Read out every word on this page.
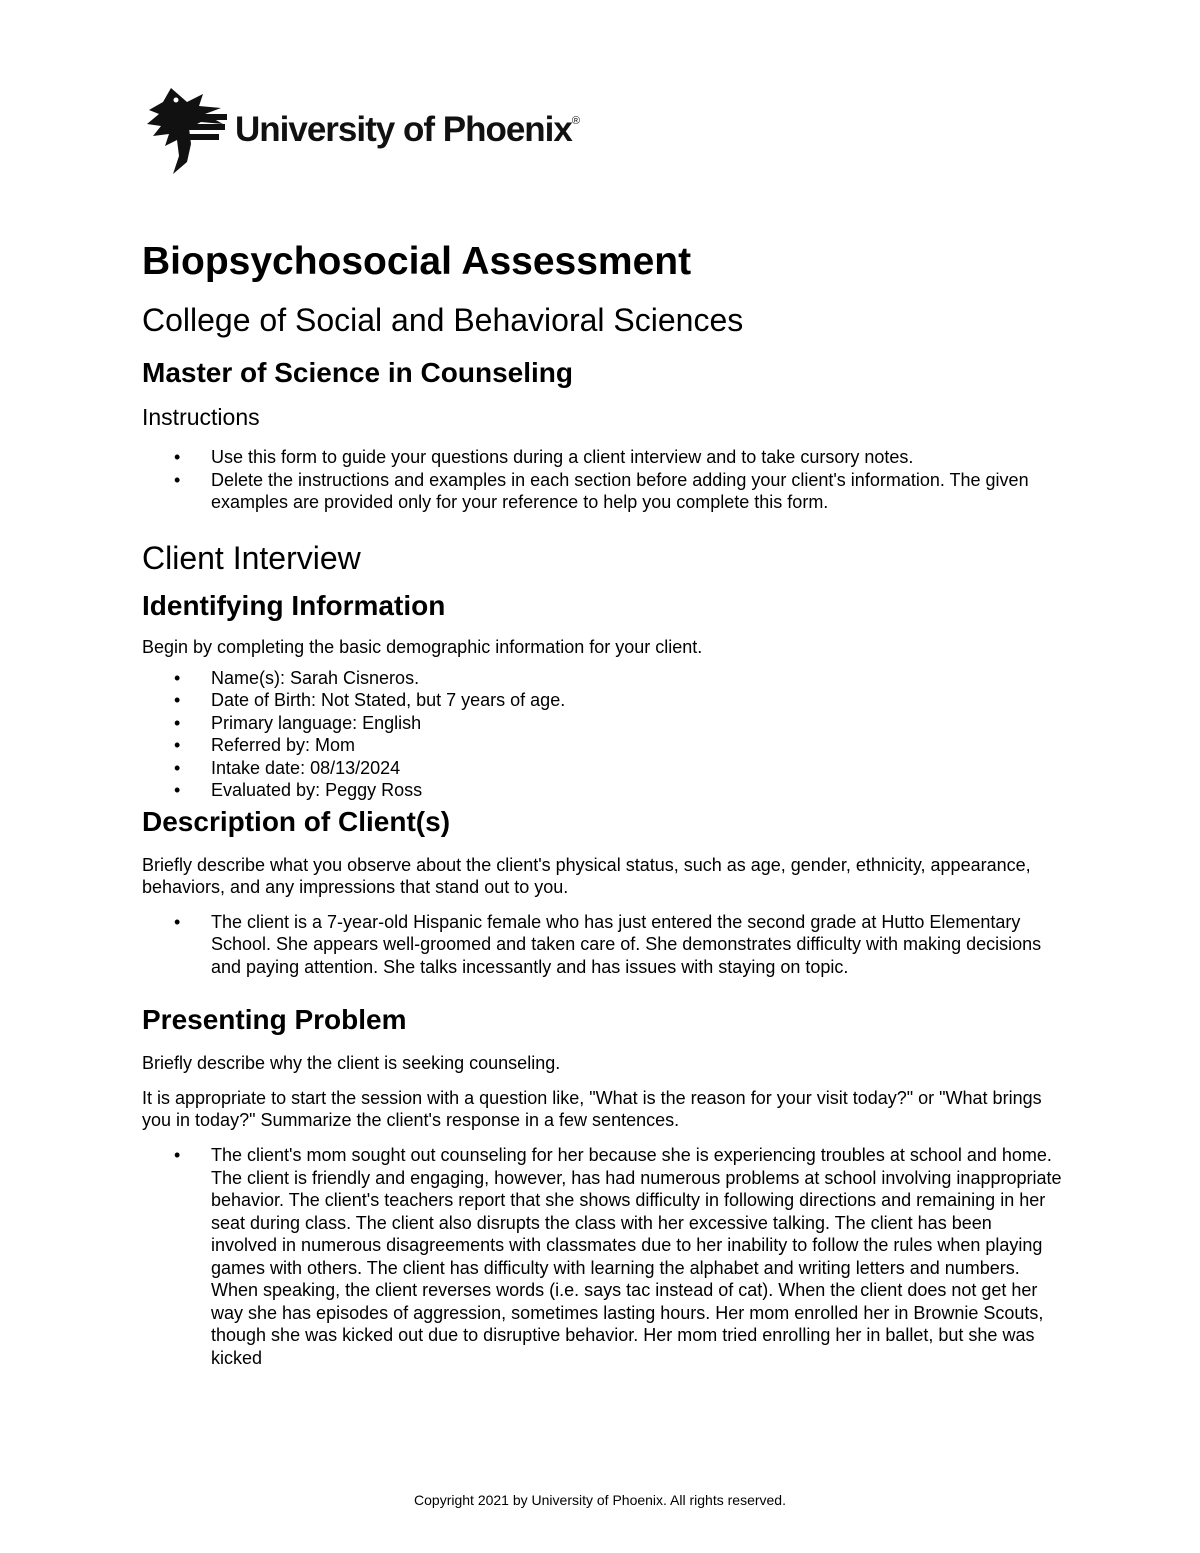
University of Phoenix®
Biopsychosocial Assessment
College of Social and Behavioral Sciences
Master of Science in Counseling
Instructions
• Use this form to guide your questions during a client interview and to take cursory notes.
• Delete the instructions and examples in each section before adding your client's information. The given examples are provided only for your reference to help you complete this form.
Client Interview
Identifying Information

Begin by completing the basic demographic information for your client.

• Name(s): Sarah Cisneros.
• Date of Birth: Not Stated, but 7 years of age.
• Primary language: English
• Referred by: Mom
• Intake date: 08/13/2024
• Evaluated by: Peggy Ross
Description of Client(s)

Briefly describe what you observe about the client's physical status, such as age, gender, ethnicity, appearance, behaviors, and any impressions that stand out to you.

• The client is a 7-year-old Hispanic female who has just entered the second grade at Hutto Elementary School. She appears well-groomed and taken care of. She demonstrates difficulty with making decisions and paying attention. She talks incessantly and has issues with staying on topic.
Presenting Problem

Briefly describe why the client is seeking counseling.

It is appropriate to start the session with a question like, "What is the reason for your visit today?" or "What brings you in today?" Summarize the client's response in a few sentences.

• The client's mom sought out counseling for her because she is experiencing troubles at school and home. The client is friendly and engaging, however, has had numerous problems at school involving inappropriate behavior. The client's teachers report that she shows difficulty in following directions and remaining in her seat during class. The client also disrupts the class with her excessive talking. The client has been involved in numerous disagreements with classmates due to her inability to follow the rules when playing games with others. The client has difficulty with learning the alphabet and writing letters and numbers. When speaking, the client reverses words (i.e. says tac instead of cat). When the client does not get her way she has episodes of aggression, sometimes lasting hours. Her mom enrolled her in Brownie Scouts, though she was kicked out due to disruptive behavior. Her mom tried enrolling her in ballet, but she was kicked
Copyright 2021 by University of Phoenix. All rights reserved.
